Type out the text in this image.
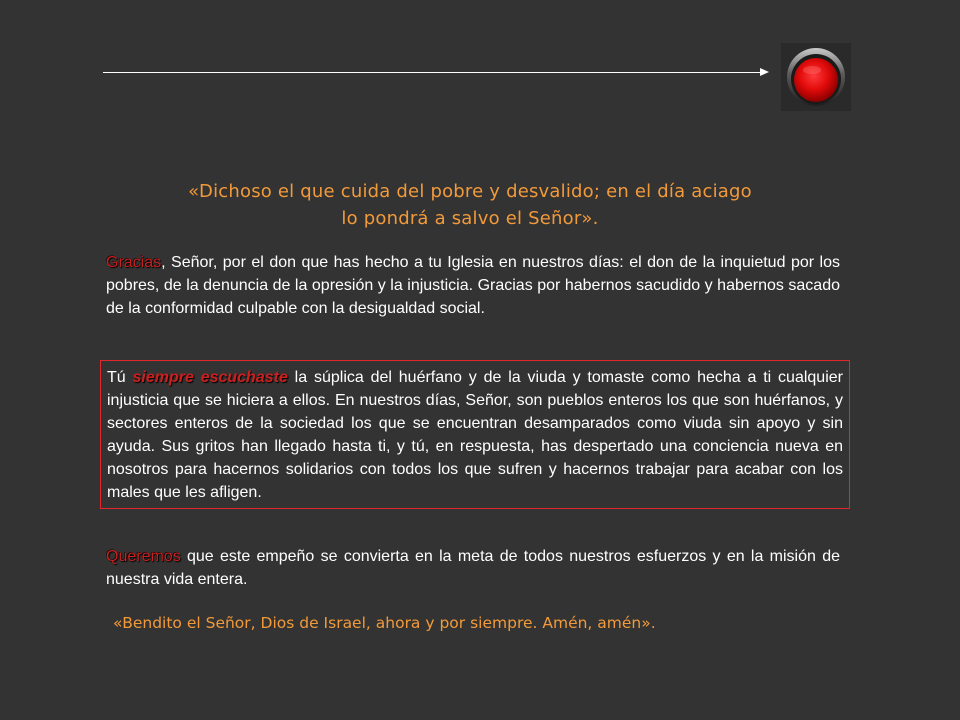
«Dichoso el que cuida del pobre y desvalido; en el día aciago
lo pondrá a salvo el Señor».
Gracias, Señor, por el don que has hecho a tu Iglesia en nuestros días: el don de la inquietud por los pobres, de la denuncia de la opresión y la injusticia. Gracias por habernos sacudido y habernos sacado de la conformidad culpable con la desigualdad social.
Tú siempre escuchaste la súplica del huérfano y de la viuda y tomaste como hecha a ti cualquier injusticia que se hiciera a ellos. En nuestros días, Señor, son pueblos enteros los que son huérfanos, y sectores enteros de la sociedad los que se encuentran desamparados como viuda sin apoyo y sin ayuda. Sus gritos han llegado hasta ti, y tú, en respuesta, has despertado una conciencia nueva en nosotros para hacernos solidarios con todos los que sufren y hacernos trabajar para acabar con los males que les afligen.
Queremos que este empeño se convierta en la meta de todos nuestros esfuerzos y en la misión de nuestra vida entera.
«Bendito el Señor, Dios de Israel, ahora y por siempre. Amén, amén».
